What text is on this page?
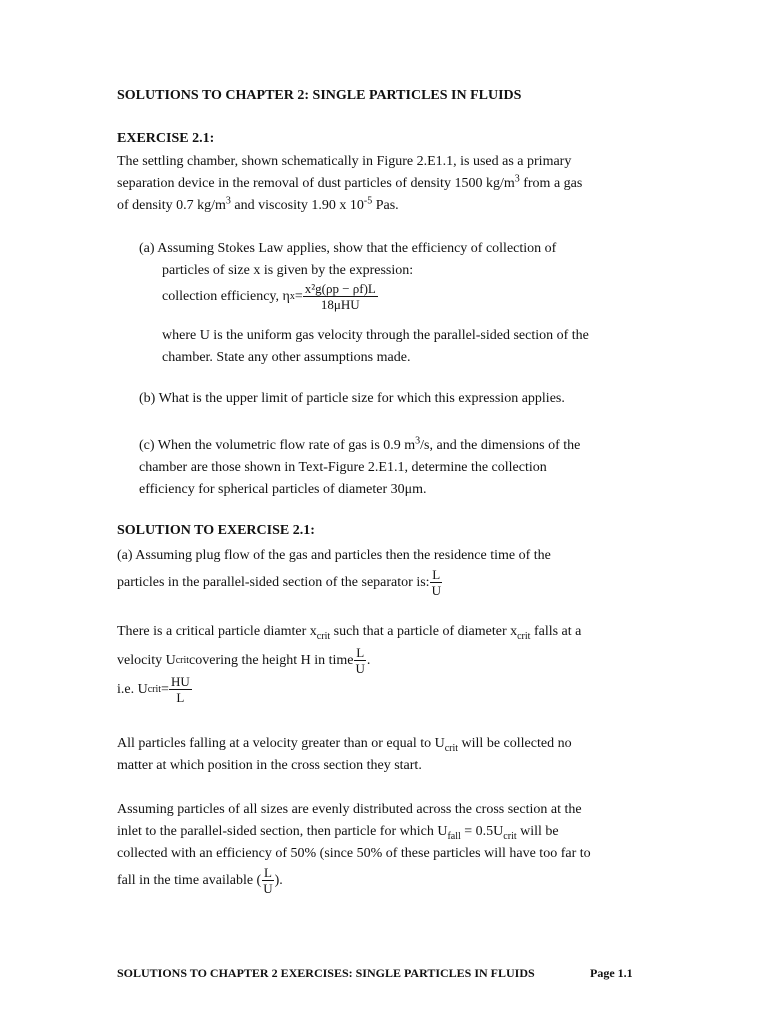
SOLUTIONS TO CHAPTER 2: SINGLE PARTICLES IN FLUIDS
EXERCISE 2.1:
The settling chamber, shown schematically in Figure 2.E1.1, is used as a primary
separation device in the removal of dust particles of density 1500 $kg/m^3$ from a gas
of density 0.7 $kg/m^3$ and viscosity 1.90 x $10^{-5}$ Pas.
(a) Assuming Stokes Law applies, show that the efficiency of collection of
particles of size x is given by the expression:
collection efficiency, η $x = \frac{\text{x²g(ρp − ρf)L}}{\text{18μHU}}$
where U is the uniform gas velocity through the parallel-sided section of the
chamber. State any other assumptions made.
(b) What is the upper limit of particle size for which this expression applies.
(c) When the volumetric flow rate of gas is 0.9 $m^3/s$, and the dimensions of the
chamber are those shown in Text-Figure 2.E1.1, determine the collection
efficiency for spherical particles of diameter 30μm.
SOLUTION TO EXERCISE 2.1:
(a) Assuming plug flow of the gas and particles then the residence time of the
particles in the parallel-sided section of the separator is: $\frac{L}{U}$
There is a critical particle diamter $x_{crit}$ such that a particle of diameter $x_{crit}$ falls at a
velocity U crit covering the height H in time $\frac{L}{U}$ .
i.e. U crit = $\frac{HU}{L}$
All particles falling at a velocity greater than or equal to $U_{crit}$ will be collected no
matter at which position in the cross section they start.
Assuming particles of all sizes are evenly distributed across the cross section at the
inlet to the parallel-sided section, then particle for which $U_{fall} = 0.5U_{crit}$ will be
collected with an efficiency of 50% (since 50% of these particles will have too far to
fall in the time available ( $\frac{L}{U}$ ).
SOLUTIONS TO CHAPTER 2 EXERCISES: SINGLE PARTICLES IN FLUIDS	Page 1.1
